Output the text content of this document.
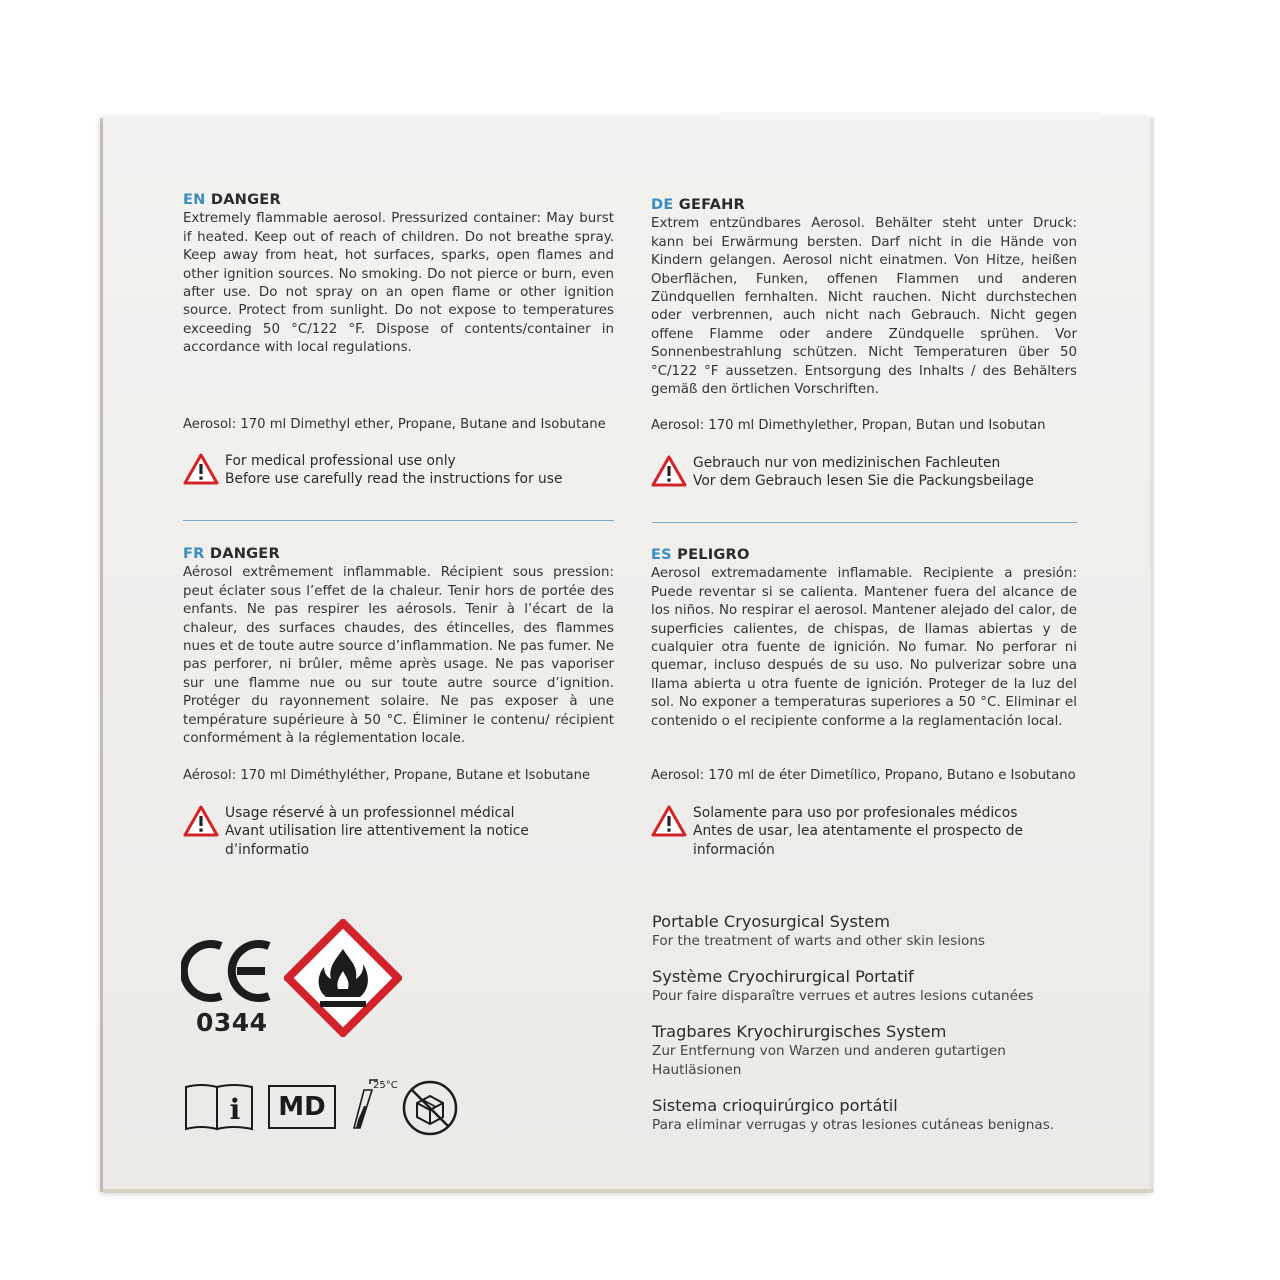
EN DANGER
Extremely flammable aerosol. Pressurized container: May burst if heated. Keep out of reach of children. Do not breathe spray. Keep away from heat, hot surfaces, sparks, open flames and other ignition sources. No smoking. Do not pierce or burn, even after use. Do not spray on an open flame or other ignition source. Protect from sunlight. Do not expose to temperatures exceeding 50 °C/122 °F. Dispose of contents/container in accordance with local regulations.
Aerosol: 170 ml Dimethyl ether, Propane, Butane and Isobutane
For medical professional use only
Before use carefully read the instructions for use
DE GEFAHR
Extrem entzündbares Aerosol. Behälter steht unter Druck: kann bei Erwärmung bersten. Darf nicht in die Hände von Kindern gelangen. Aerosol nicht einatmen. Von Hitze, heißen Oberflächen, Funken, offenen Flammen und anderen Zündquellen fernhalten. Nicht rauchen. Nicht durchstechen oder verbrennen, auch nicht nach Gebrauch. Nicht gegen offene Flamme oder andere Zündquelle sprühen. Vor Sonnenbestrahlung schützen. Nicht Temperaturen über 50 °C/122 °F aussetzen. Entsorgung des Inhalts / des Behälters gemäß den örtlichen Vorschriften.
Aerosol: 170 ml Dimethylether, Propan, Butan und Isobutan
Gebrauch nur von medizinischen Fachleuten
Vor dem Gebrauch lesen Sie die Packungsbeilage
FR DANGER
Aérosol extrêmement inflammable. Récipient sous pression: peut éclater sous l’effet de la chaleur. Tenir hors de portée des enfants. Ne pas respirer les aérosols. Tenir à l’écart de la chaleur, des surfaces chaudes, des étincelles, des flammes nues et de toute autre source d’inflammation. Ne pas fumer. Ne pas perforer, ni brûler, même après usage. Ne pas vaporiser sur une flamme nue ou sur toute autre source d’ignition. Protéger du rayonnement solaire. Ne pas exposer à une température supérieure à 50 °C. Éliminer le contenu/ récipient conformément à la réglementation locale.
Aérosol: 170 ml Diméthyléther, Propane, Butane et Isobutane
Usage réservé à un professionnel médical
Avant utilisation lire attentivement la notice d’informatio
ES PELIGRO
Aerosol extremadamente inflamable. Recipiente a presión: Puede reventar si se calienta. Mantener fuera del alcance de los niños. No respirar el aerosol. Mantener alejado del calor, de superficies calientes, de chispas, de llamas abiertas y de cualquier otra fuente de ignición. No fumar. No perforar ni quemar, incluso después de su uso. No pulverizar sobre una llama abierta u otra fuente de ignición. Proteger de la luz del sol. No exponer a temperaturas superiores a 50 °C. Eliminar el contenido o el recipiente conforme a la reglamentación local.
Aerosol: 170 ml de éter Dimetílico, Propano, Butano e Isobutano
Solamente para uso por profesionales médicos
Antes de usar, lea atentamente el prospecto de información
Portable Cryosurgical System
For the treatment of warts and other skin lesions
Système Cryochirurgical Portatif
Pour faire disparaître verrues et autres lesions cutanées
Tragbares Kryochirurgisches System
Zur Entfernung von Warzen und anderen gutartigen Hautläsionen
Sistema crioquirúrgico portátil
Para eliminar verrugas y otras lesiones cutáneas benignas.
0344
i MD
25°C
